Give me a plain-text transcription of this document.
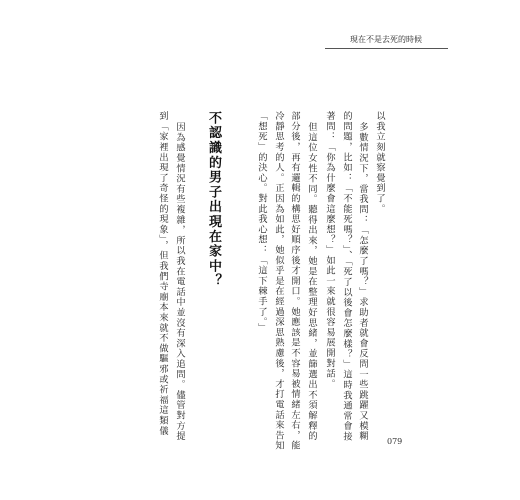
現在不是去死的時候
以我立刻就察覺到了。
多數情況下，當我問：「怎麼了嗎？」求助者就會反問一些跳躍又模糊
的問題，比如：「不能死嗎？」、「死了以後會怎麼樣？」這時我通常會接
著問：「你為什麼會這麼想？」如此一來就很容易展開對話。
但這位女性不同。聽得出來，她是在整理好思緒，並篩選出不須解釋的
部分後，再有邏輯的構思好順序後才開口。她應該是不容易被情緒左右，能
冷靜思考的人。正因為如此，她似乎是在經過深思熟慮後，才打電話來告知
「想死」的決心。對此我心想：「這下棘手了。」
不認識的男子出現在家中？
因為感覺情況有些複雜，所以我在電話中並沒有深入追問。儘管對方提
到「家裡出現了奇怪的現象」，但我們寺廟本來就不做驅邪或祈福這類儀
079
